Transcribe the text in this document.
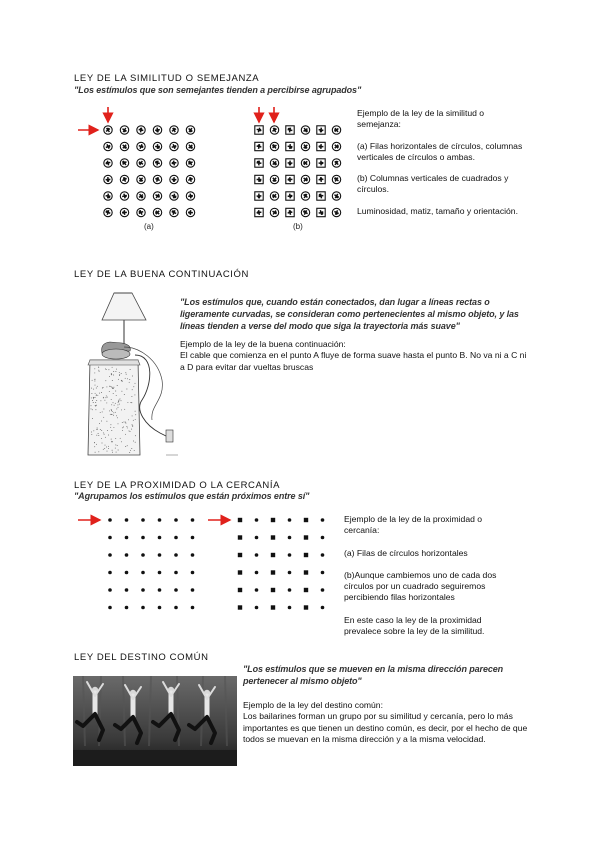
LEY DE LA SIMILITUD O SEMEJANZA
"Los estímulos que son semejantes tienden a percibirse agrupados"
(a)	(b)

Ejemplo de la ley de la similitud o semejanza:

(a) Filas horizontales de círculos, columnas verticales de círculos o ambas.

(b) Columnas verticales de cuadrados y círculos.

Luminosidad, matiz, tamaño y orientación.

LEY DE LA BUENA CONTINUACIÓN
"Los estímulos que, cuando están conectados, dan lugar a líneas rectas o ligeramente curvadas, se consideran como pertenecientes al mismo objeto, y las líneas tienden a verse del modo que siga la trayectoria más suave"

Ejemplo de la ley de la buena continuación:

El cable que comienza en el punto A fluye de forma suave hasta el punto B. No va ni a C ni a D para evitar dar vueltas bruscas

LEY DE LA PROXIMIDAD O LA CERCANÍA
"Agrupamos los estímulos que están próximos entre sí"

Ejemplo de la ley de la proximidad o cercanía:

(a) Filas de círculos horizontales

(b)Aunque cambiemos uno de cada dos círculos por un cuadrado seguiremos percibiendo filas horizontales

En este caso la ley de la proximidad prevalece sobre la ley de la similitud.

LEY DEL DESTINO COMÚN
"Los estímulos que se mueven en la misma dirección parecen pertenecer al mismo objeto"

Ejemplo de la ley del destino común:

Los bailarines forman un grupo por su similitud y cercanía, pero lo más importantes es que tienen un destino común, es decir, por el hecho de que todos se muevan en la misma dirección y a la misma velocidad.
